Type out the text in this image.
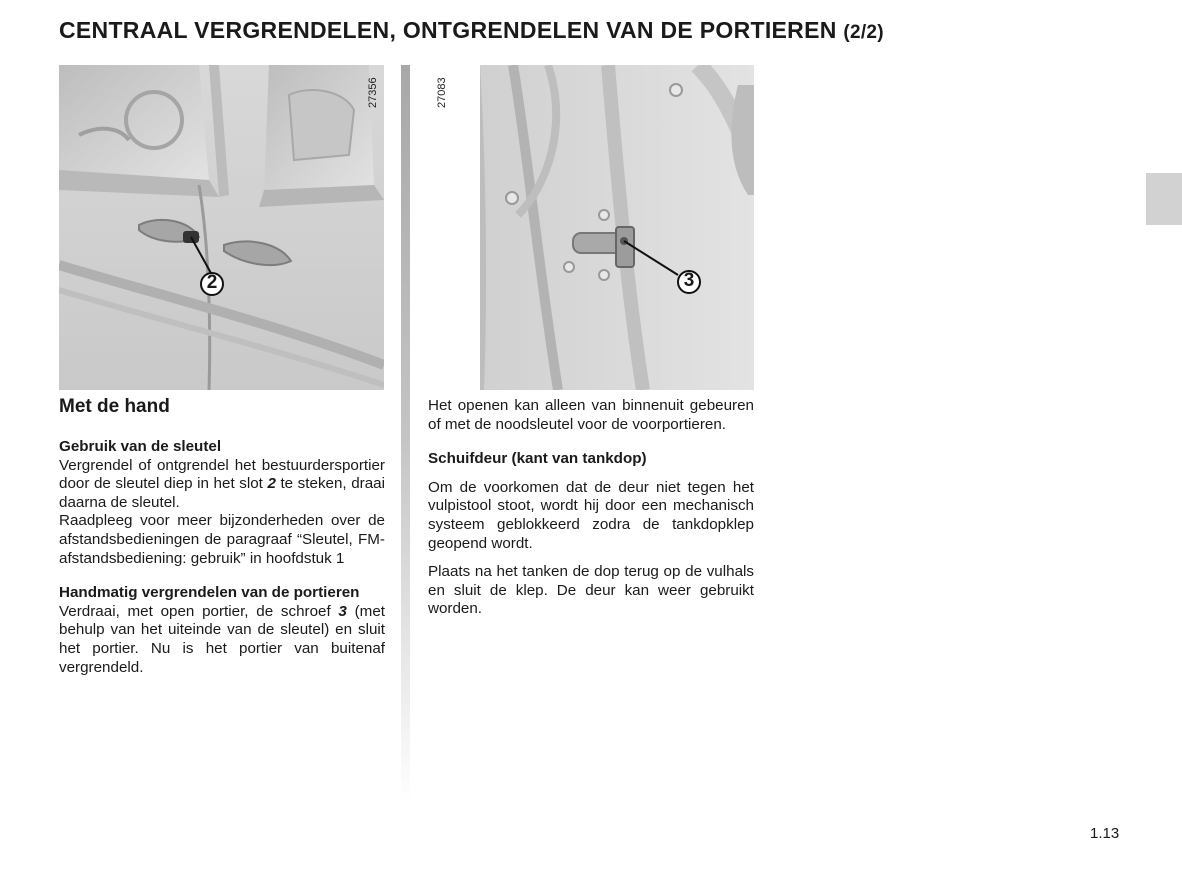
CENTRAAL VERGRENDELEN, ONTGRENDELEN VAN DE PORTIEREN (2/2)
2
27356
3
27083
Met de hand
Gebruik van de sleutel

Vergrendel of ontgrendel het bestuurdersportier door de sleutel diep in het slot 2 te steken, draai daarna de sleutel.

Raadpleeg voor meer bijzonderheden over de afstandsbedieningen de paragraaf “Sleutel, FM-afstandsbediening: gebruik” in hoofdstuk 1

Handmatig vergrendelen van de portieren

Verdraai, met open portier, de schroef 3 (met behulp van het uiteinde van de sleutel) en sluit het portier. Nu is het portier van buitenaf vergrendeld.

Het openen kan alleen van binnenuit gebeuren of met de noodsleutel voor de voorportieren.

Schuifdeur (kant van tankdop)

Om de voorkomen dat de deur niet tegen het vulpistool stoot, wordt hij door een mechanisch systeem geblokkeerd zodra de tankdopklep geopend wordt.

Plaats na het tanken de dop terug op de vulhals en sluit de klep. De deur kan weer gebruikt worden.

1.13
